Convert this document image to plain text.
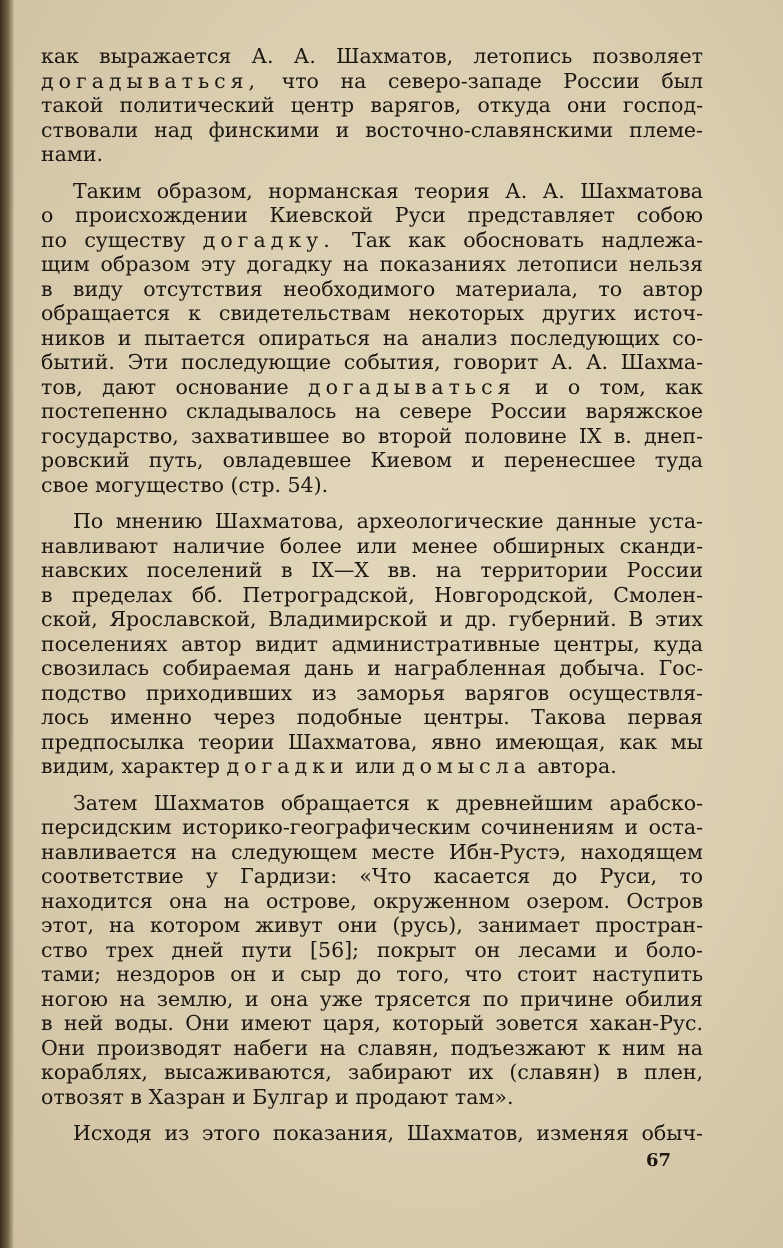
как выражается А. А. Шахматов, летопись позволяет
догадываться, что на северо-западе России был
такой политический центр варягов, откуда они господ-
ствовали над финскими и восточно-славянскими племе-
нами.
Таким образом, норманская теория А. А. Шахматова
о происхождении Киевской Руси представляет собою
по существу догадку. Так как обосновать надлежа-
щим образом эту догадку на показаниях летописи нельзя
в виду отсутствия необходимого материала, то автор
обращается к свидетельствам некоторых других источ-
ников и пытается опираться на анализ последующих со-
бытий. Эти последующие события, говорит А. А. Шахма-
тов, дают основание догадываться и о том, как
постепенно складывалось на севере России варяжское
государство, захватившее во второй половине IX в. днеп-
ровский путь, овладевшее Киевом и перенесшее туда
свое могущество (стр. 54).
По мнению Шахматова, археологические данные уста-
навливают наличие более или менее обширных сканди-
навских поселений в IX—X вв. на территории России
в пределах бб. Петроградской, Новгородской, Смолен-
ской, Ярославской, Владимирской и др. губерний. В этих
поселениях автор видит административные центры, куда
свозилась собираемая дань и награбленная добыча. Гос-
подство приходивших из заморья варягов осуществля-
лось именно через подобные центры. Такова первая
предпосылка теории Шахматова, явно имеющая, как мы
видим, характер догадки или домысла автора.
Затем Шахматов обращается к древнейшим арабско-
персидским историко-географическим сочинениям и оста-
навливается на следующем месте Ибн-Рустэ, находящем
соответствие у Гардизи: «Что касается до Руси, то
находится она на острове, окруженном озером. Остров
этот, на котором живут они (русь), занимает простран-
ство трех дней пути [56]; покрыт он лесами и боло-
тами; нездоров он и сыр до того, что стоит наступить
ногою на землю, и она уже трясется по причине обилия
в ней воды. Они имеют царя, который зовется хакан-Рус.
Они производят набеги на славян, подъезжают к ним на
кораблях, высаживаются, забирают их (славян) в плен,
отвозят в Хазран и Булгар и продают там».
Исходя из этого показания, Шахматов, изменяя обыч-
67
